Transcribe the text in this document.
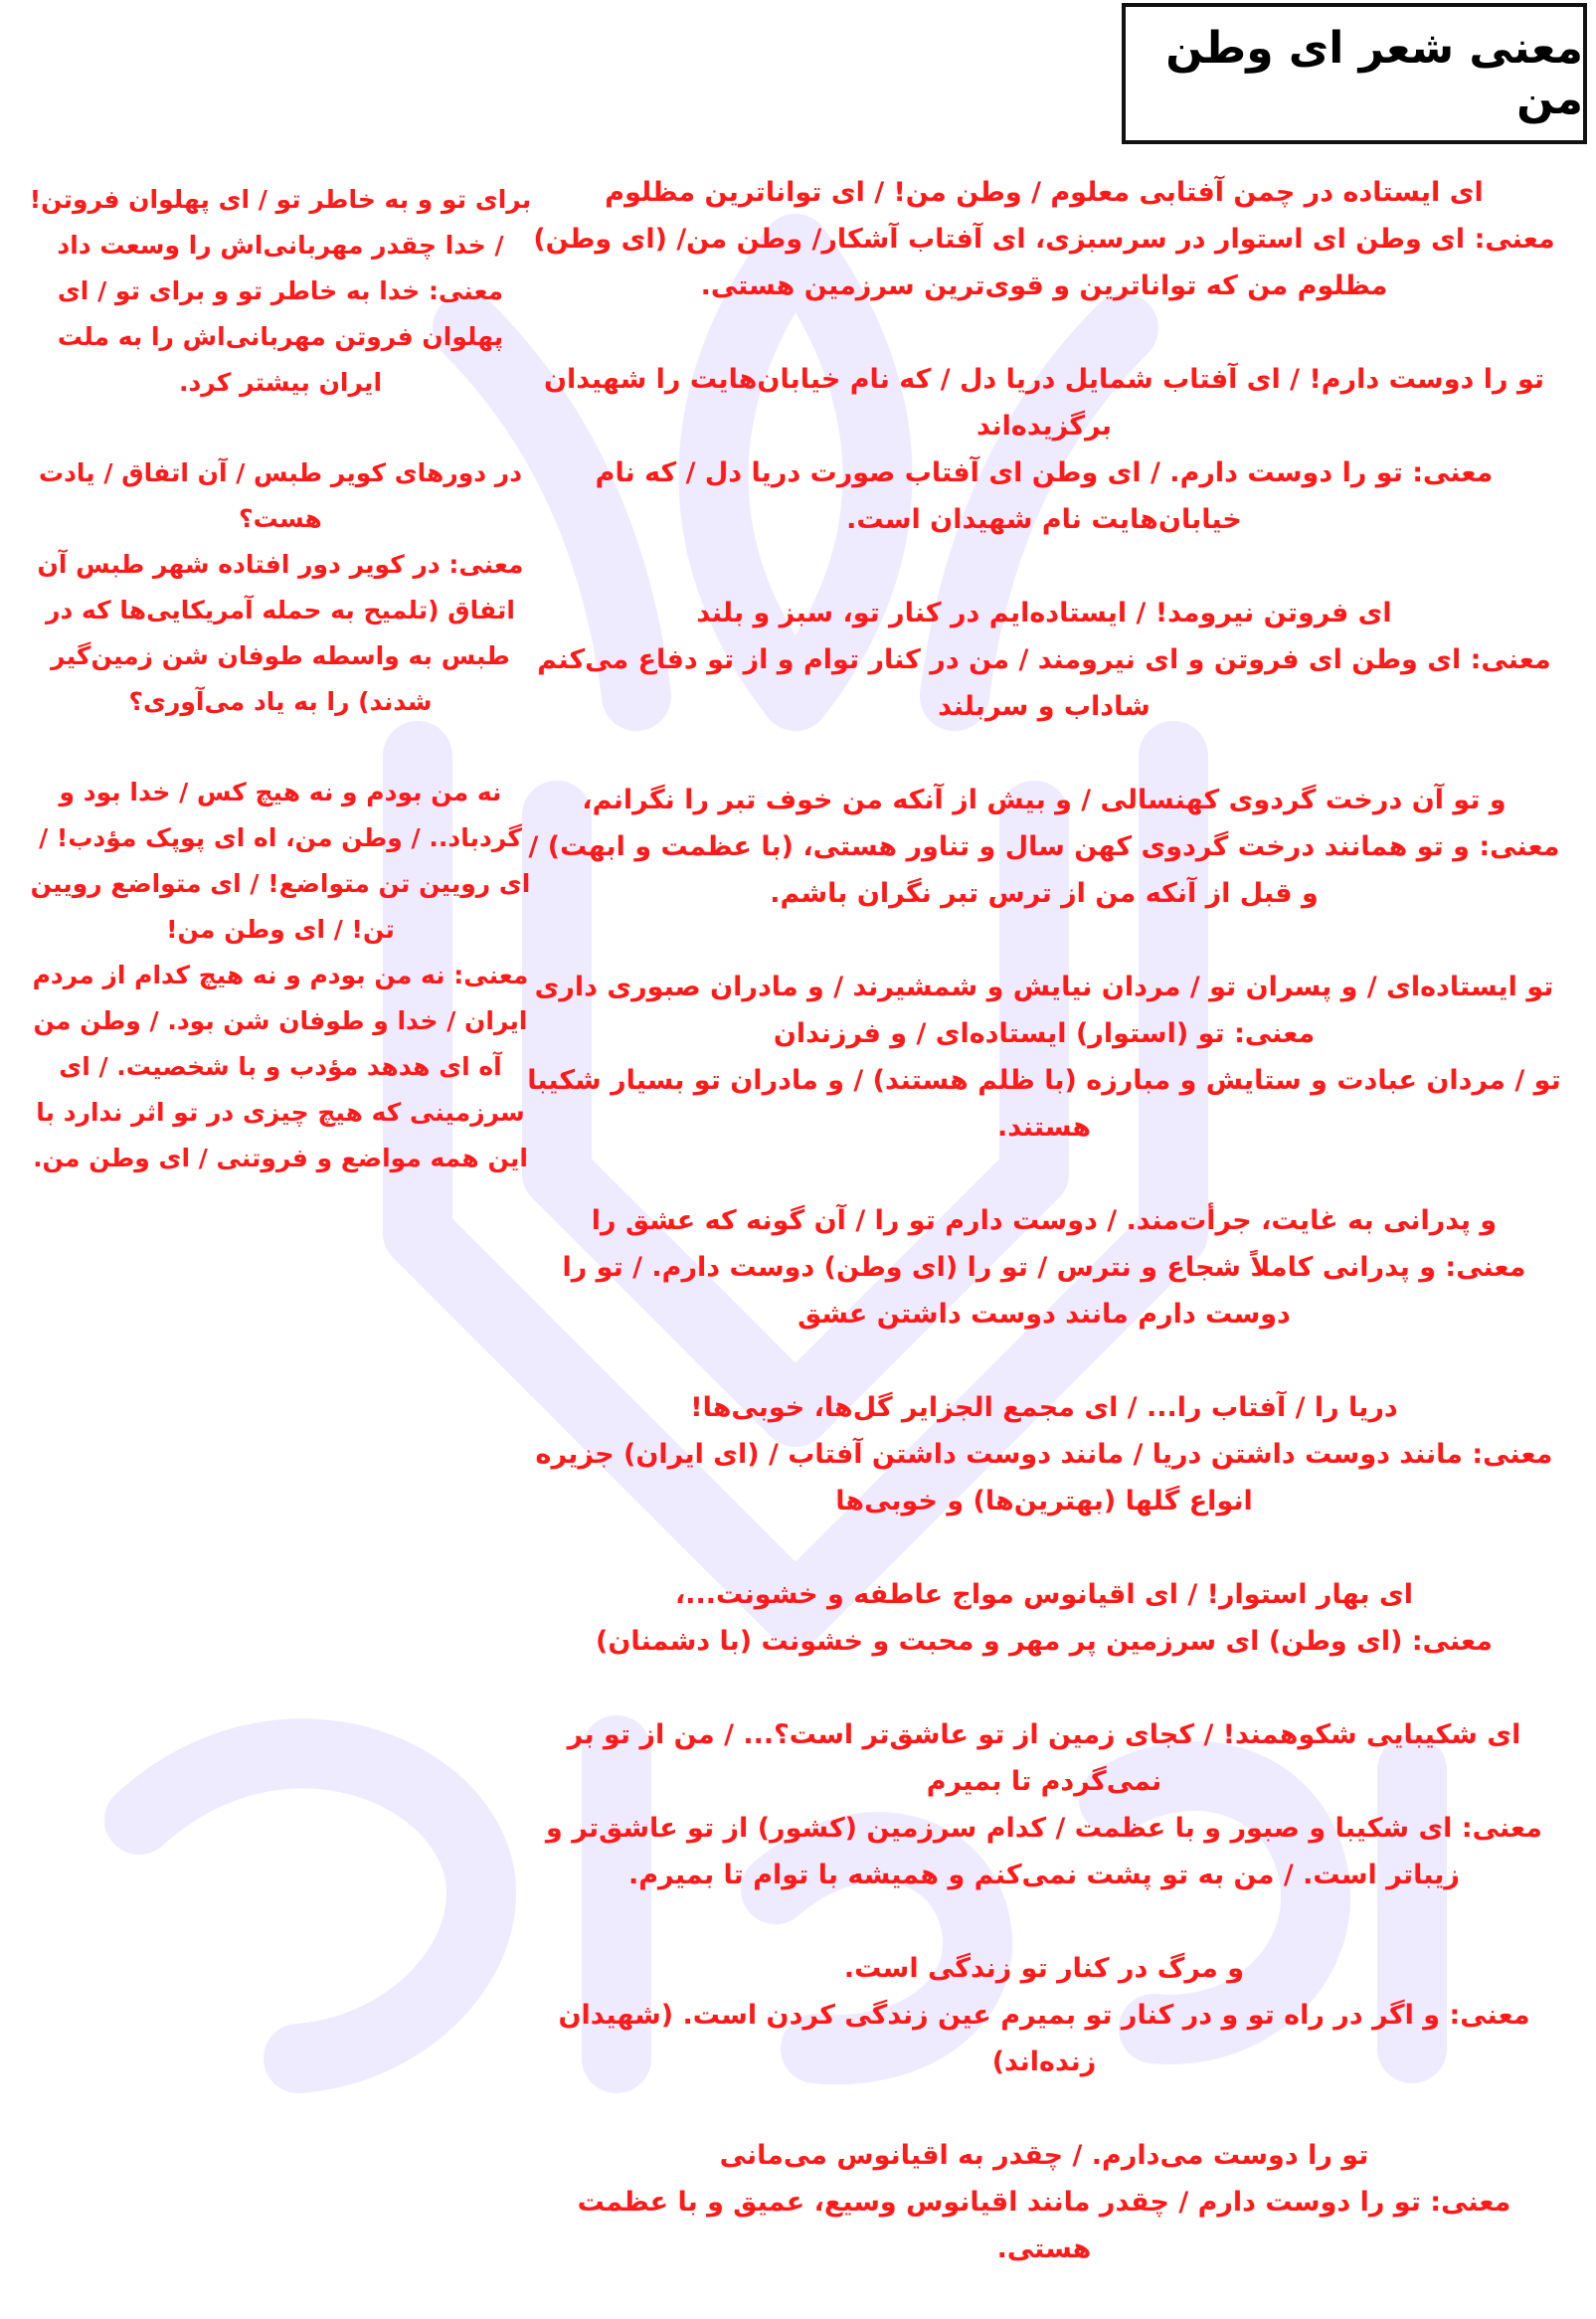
معنی شعر ای وطن من
برای تو و به خاطر تو / ای پهلوان فروتن! / خدا چقدر مهربانی‌اش را وسعت داد
معنی: خدا به خاطر تو و برای تو / ای پهلوان فروتن مهربانی‌اش را به ملت ایران بیشتر کرد.
در دورهای کویر طبس / آن اتفاق / یادت هست؟
معنی: در کویر دور افتاده شهر طبس آن اتفاق (تلمیح به حمله آمریکایی‌ها که در طبس به واسطه طوفان شن زمین‌گیر شدند) را به یاد می‌آوری؟
نه من بودم و نه هیچ کس / خدا بود و گردباد.. / وطن من، اه ای پوپک مؤدب! / ای رویین تن متواضع! / ای متواضع رویین تن! / ای وطن من!
معنی: نه من بودم و نه هیچ کدام از مردم ایران / خدا و طوفان شن بود. / وطن من آه ای هدهد مؤدب و با شخصیت. / ای سرزمینی که هیچ چیزی در تو اثر ندارد با این همه مواضع و فروتنی / ای وطن من.
ای ایستاده در چمن آفتابی معلوم / وطن من! / ای تواناترین مظلوم
معنی: ای وطن ای استوار در سرسبزی، ای آفتاب آشکار/ وطن من/ (ای وطن) مظلوم من که تواناترین و قوی‌ترین سرزمین هستی.
تو را دوست دارم! / ای آفتاب شمایل دریا دل / که نام خیابان‌هایت را شهیدان برگزیده‌اند
معنی: تو را دوست دارم. / ای وطن ای آفتاب صورت دریا دل / که نام خیابان‌هایت نام شهیدان است.
ای فروتن نیرومد! / ایستاده‌ایم در کنار تو، سبز و بلند
معنی: ای وطن ای فروتن و ای نیرومند / من در کنار توام و از تو دفاع می‌کنم شاداب و سربلند
و تو آن درخت گردوی کهنسالی / و بیش از آنکه من خوف تبر را نگرانم،
معنی: و تو همانند درخت گردوی کهن سال و تناور هستی، (با عظمت و ابهت) / و قبل از آنکه من از ترس تبر نگران باشم.
تو ایستاده‌ای / و پسران تو / مردان نیایش و شمشیرند / و مادران صبوری داری
معنی: تو (استوار) ایستاده‌ای / و فرزندان
تو / مردان عبادت و ستایش و مبارزه (با ظلم هستند) / و مادران تو بسیار شکیبا هستند.
و پدرانی به غایت، جرأت‌مند. / دوست دارم تو را / آن گونه که عشق را
معنی: و پدرانی کاملاً شجاع و نترس / تو را (ای وطن) دوست دارم. / تو را دوست دارم مانند دوست داشتن عشق
دریا را / آفتاب را... / ای مجمع الجزایر گل‌ها، خوبی‌ها!
معنی: مانند دوست داشتن دریا / مانند دوست داشتن آفتاب / (ای ایران) جزیره انواع گلها (بهترین‌ها) و خوبی‌ها
ای بهار استوار! / ای اقیانوس مواج عاطفه و خشونت...،
معنی: (ای وطن) ای سرزمین پر مهر و محبت و خشونت (با دشمنان)
ای شکیبایی شکوهمند! / کجای زمین از تو عاشق‌تر است؟... / من از تو بر نمی‌گردم تا بمیرم
معنی: ای شکیبا و صبور و با عظمت / کدام سرزمین (کشور) از تو عاشق‌تر و زیباتر است. / من به تو پشت نمی‌کنم و همیشه با توام تا بمیرم.
و مرگ در کنار تو زندگی است.
معنی: و اگر در راه تو و در کنار تو بمیرم عین زندگی کردن است. (شهیدان زنده‌اند)
تو را دوست می‌دارم. / چقدر به اقیانوس می‌مانی
معنی: تو را دوست دارم / چقدر مانند اقیانوس وسیع، عمیق و با عظمت هستی.
